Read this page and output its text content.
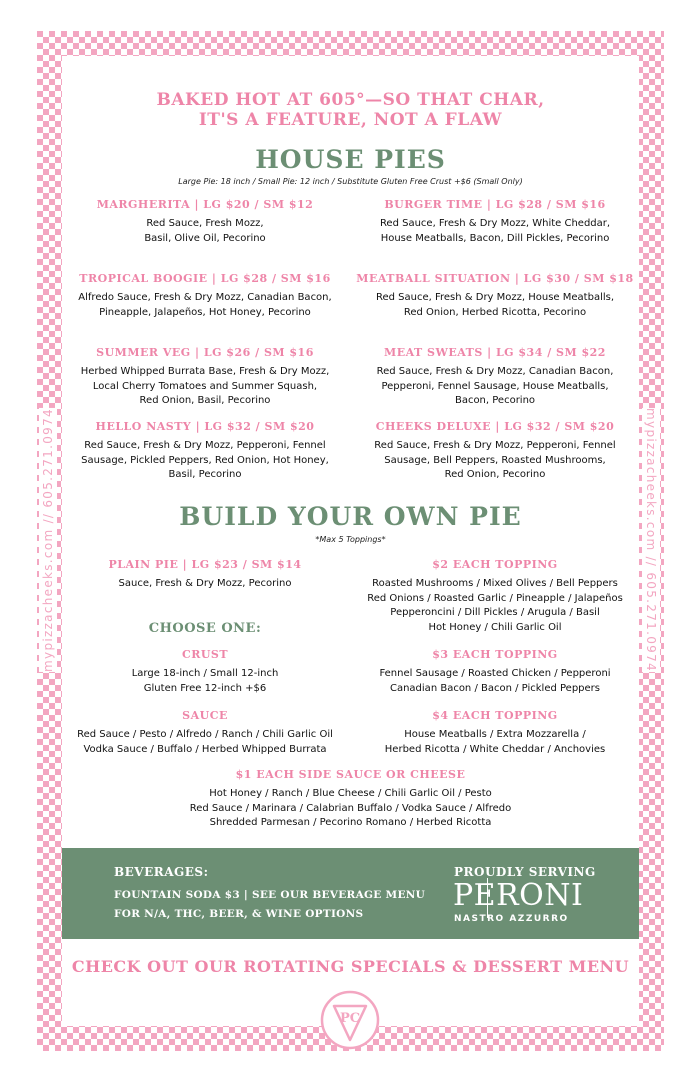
mypizzacheeks.com // 605.271.0974	mypizzacheeks.com // 605.271.0974
BAKED HOT AT 605°—SO THAT CHAR,
IT'S A FEATURE, NOT A FLAW
HOUSE PIES
Large Pie: 18 inch / Small Pie: 12 inch / Substitute Gluten Free Crust +$6 (Small Only)
MARGHERITA | LG $20 / SM $12
Red Sauce, Fresh Mozz,
Basil, Olive Oil, Pecorino
BURGER TIME | LG $28 / SM $16
Red Sauce, Fresh & Dry Mozz, White Cheddar,
House Meatballs, Bacon, Dill Pickles, Pecorino
TROPICAL BOOGIE | LG $28 / SM $16
Alfredo Sauce, Fresh & Dry Mozz, Canadian Bacon,
Pineapple, Jalapeños, Hot Honey, Pecorino
MEATBALL SITUATION | LG $30 / SM $18
Red Sauce, Fresh & Dry Mozz, House Meatballs,
Red Onion, Herbed Ricotta, Pecorino
SUMMER VEG | LG $26 / SM $16
Herbed Whipped Burrata Base, Fresh & Dry Mozz,
Local Cherry Tomatoes and Summer Squash,
Red Onion, Basil, Pecorino
MEAT SWEATS | LG $34 / SM $22
Red Sauce, Fresh & Dry Mozz, Canadian Bacon,
Pepperoni, Fennel Sausage, House Meatballs,
Bacon, Pecorino
HELLO NASTY | LG $32 / SM $20
Red Sauce, Fresh & Dry Mozz, Pepperoni, Fennel
Sausage, Pickled Peppers, Red Onion, Hot Honey,
Basil, Pecorino
CHEEKS DELUXE | LG $32 / SM $20
Red Sauce, Fresh & Dry Mozz, Pepperoni, Fennel
Sausage, Bell Peppers, Roasted Mushrooms,
Red Onion, Pecorino
BUILD YOUR OWN PIE
*Max 5 Toppings*
PLAIN PIE | LG $23 / SM $14
Sauce, Fresh & Dry Mozz, Pecorino
CHOOSE ONE:
CRUST
Large 18-inch / Small 12-inch
Gluten Free 12-inch +$6
SAUCE
Red Sauce / Pesto / Alfredo / Ranch / Chili Garlic Oil
Vodka Sauce / Buffalo / Herbed Whipped Burrata
$2 EACH TOPPING
Roasted Mushrooms / Mixed Olives / Bell Peppers
Red Onions / Roasted Garlic / Pineapple / Jalapeños
Pepperoncini / Dill Pickles / Arugula / Basil
Hot Honey / Chili Garlic Oil
$3 EACH TOPPING
Fennel Sausage / Roasted Chicken / Pepperoni
Canadian Bacon / Bacon / Pickled Peppers
$4 EACH TOPPING
House Meatballs / Extra Mozzarella /
Herbed Ricotta / White Cheddar / Anchovies
$1 EACH SIDE SAUCE OR CHEESE
Hot Honey / Ranch / Blue Cheese / Chili Garlic Oil / Pesto
Red Sauce / Marinara / Calabrian Buffalo / Vodka Sauce / Alfredo
Shredded Parmesan / Pecorino Romano / Herbed Ricotta
BEVERAGES:
FOUNTAIN SODA $3 | SEE OUR BEVERAGE MENU
FOR N/A, THC, BEER, & WINE OPTIONS
PROUDLY SERVING
PERONI
NASTRO AZZURRO
CHECK OUT OUR ROTATING SPECIALS & DESSERT MENU
PC
